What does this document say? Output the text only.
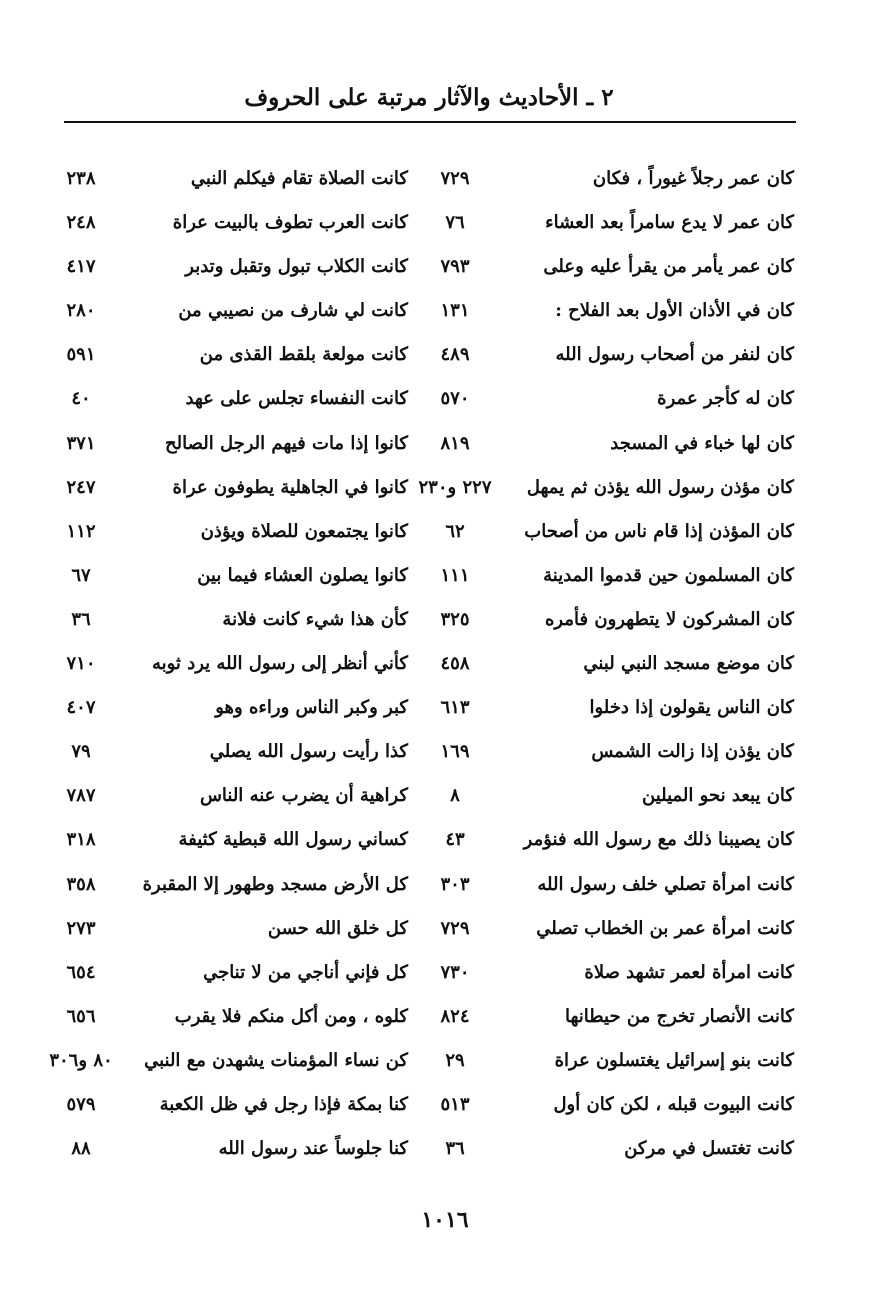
٢ ـ الأحاديث والآثار مرتبة على الحروف
كان عمر رجلاً غيوراً ، فكان
٧٢٩
كانت الصلاة تقام فيكلم النبي
٢٣٨
كان عمر لا يدع سامراً بعد العشاء
٧٦
كانت العرب تطوف بالبيت عراة
٢٤٨
كان عمر يأمر من يقرأ عليه وعلى
٧٩٣
كانت الكلاب تبول وتقبل وتدبر
٤١٧
كان في الأذان الأول بعد الفلاح :
١٣١
كانت لي شارف من نصيبي من
٢٨٠
كان لنفر من أصحاب رسول الله
٤٨٩
كانت مولعة بلقط القذى من
٥٩١
كان له كأجر عمرة
٥٧٠
كانت النفساء تجلس على عهد
٤٠
كان لها خباء في المسجد
٨١٩
كانوا إذا مات فيهم الرجل الصالح
٣٧١
كان مؤذن رسول الله يؤذن ثم يمهل
٢٢٧ و٢٣٠
كانوا في الجاهلية يطوفون عراة
٢٤٧
كان المؤذن إذا قام ناس من أصحاب
٦٢
كانوا يجتمعون للصلاة ويؤذن
١١٢
كان المسلمون حين قدموا المدينة
١١١
كانوا يصلون العشاء فيما بين
٦٧
كان المشركون لا يتطهرون فأمره
٣٢٥
كأن هذا شيء كانت فلانة
٣٦
كان موضع مسجد النبي لبني
٤٥٨
كأني أنظر إلى رسول الله يرد ثوبه
٧١٠
كان الناس يقولون إذا دخلوا
٦١٣
كبر وكبر الناس وراءه وهو
٤٠٧
كان يؤذن إذا زالت الشمس
١٦٩
كذا رأيت رسول الله يصلي
٧٩
كان يبعد نحو الميلين
٨
كراهية أن يضرب عنه الناس
٧٨٧
كان يصيبنا ذلك مع رسول الله فنؤمر
٤٣
كساني رسول الله قبطية كثيفة
٣١٨
كانت امرأة تصلي خلف رسول الله
٣٠٣
كل الأرض مسجد وطهور إلا المقبرة
٣٥٨
كانت امرأة عمر بن الخطاب تصلي
٧٢٩
كل خلق الله حسن
٢٧٣
كانت امرأة لعمر تشهد صلاة
٧٣٠
كل فإني أناجي من لا تناجي
٦٥٤
كانت الأنصار تخرج من حيطانها
٨٢٤
كلوه ، ومن أكل منكم فلا يقرب
٦٥٦
كانت بنو إسرائيل يغتسلون عراة
٢٩
كن نساء المؤمنات يشهدن مع النبي
٨٠ و٣٠٦
كانت البيوت قبله ، لكن كان أول
٥١٣
كنا بمكة فإذا رجل في ظل الكعبة
٥٧٩
كانت تغتسل في مركن
٣٦
كنا جلوساً عند رسول الله
٨٨
١٠١٦
